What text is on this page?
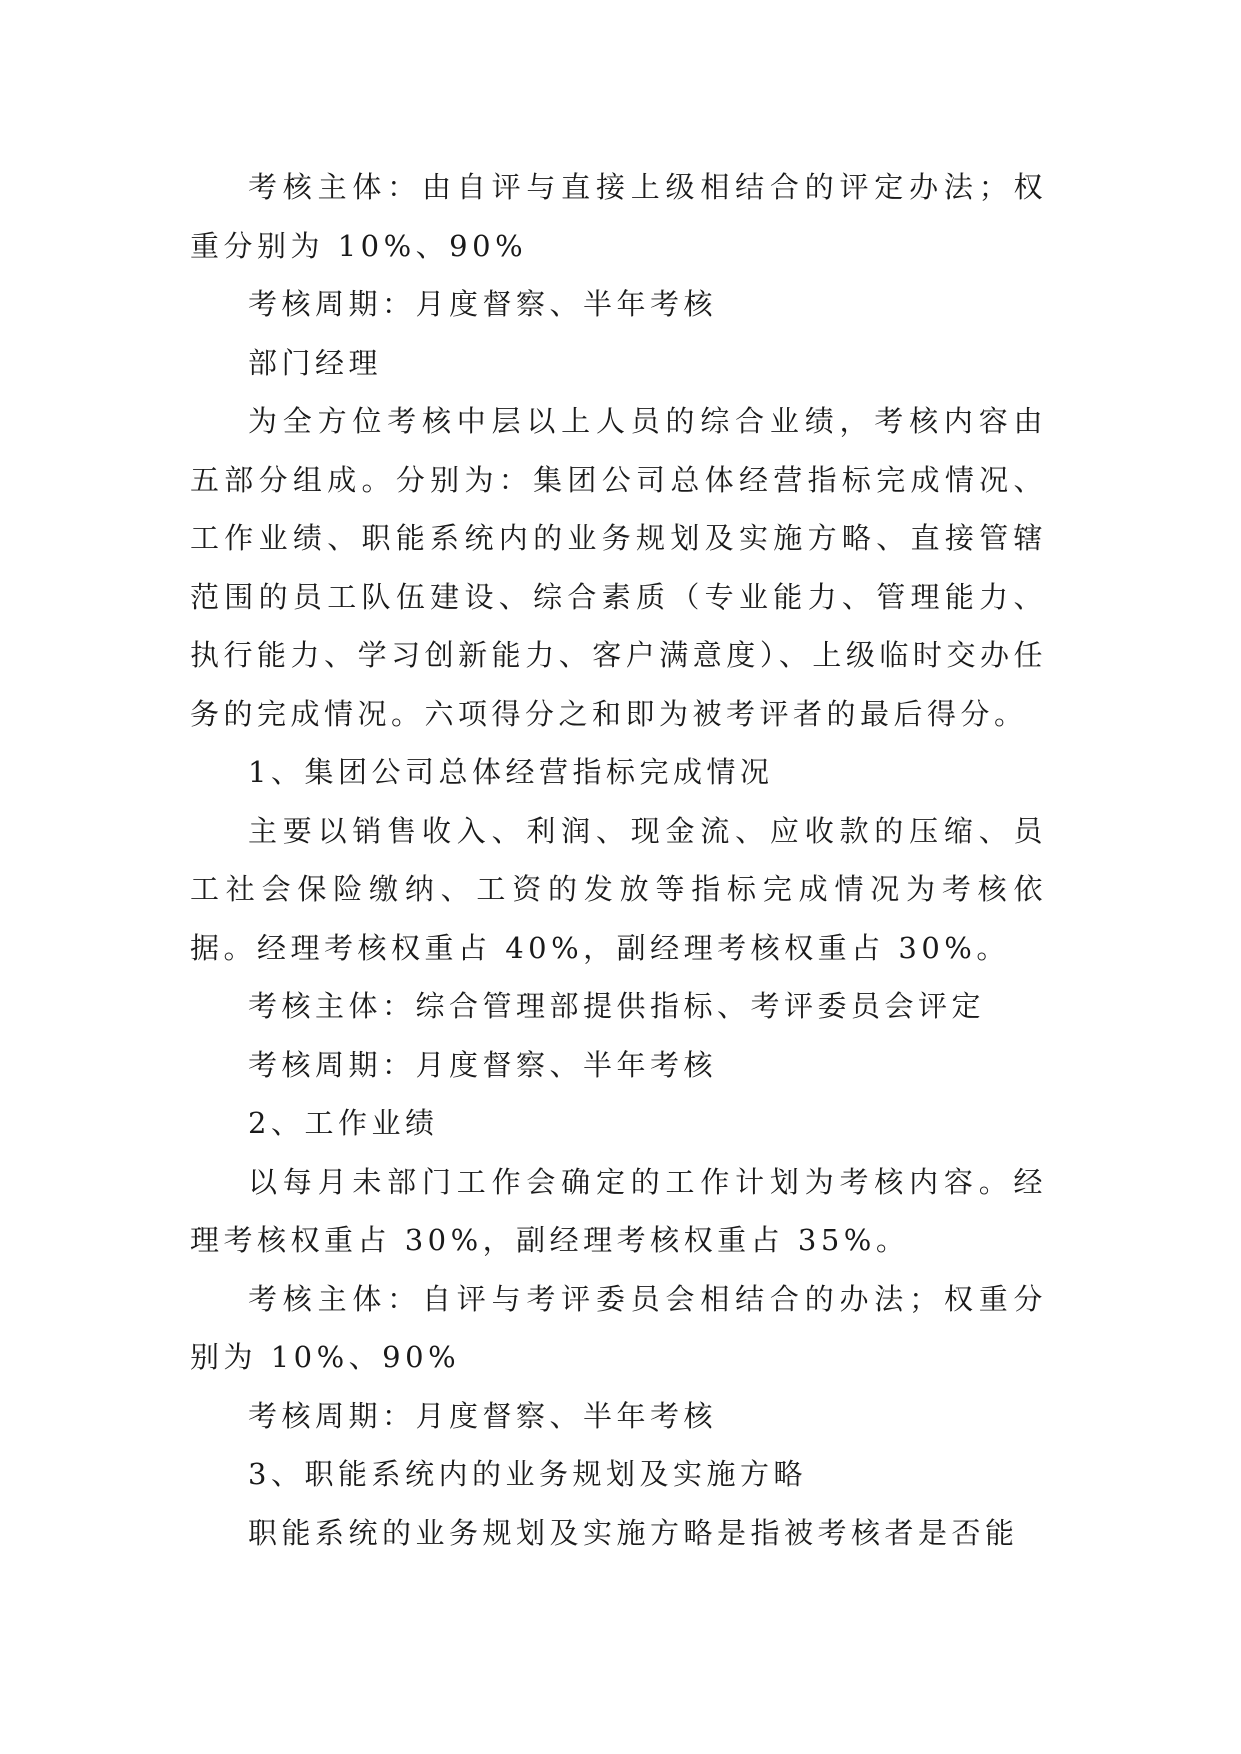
考核主体：由自评与直接上级相结合的评定办法；权重分别为 10%、90%

考核周期：月度督察、半年考核

部门经理

为全方位考核中层以上人员的综合业绩，考核内容由五部分组成。分别为：集团公司总体经营指标完成情况、工作业绩、职能系统内的业务规划及实施方略、直接管辖范围的员工队伍建设、综合素质（专业能力、管理能力、执行能力、学习创新能力、客户满意度）、上级临时交办任务的完成情况。六项得分之和即为被考评者的最后得分。

1、集团公司总体经营指标完成情况

主要以销售收入、利润、现金流、应收款的压缩、员工社会保险缴纳、工资的发放等指标完成情况为考核依据。经理考核权重占 40%，副经理考核权重占 30%。

考核主体：综合管理部提供指标、考评委员会评定

考核周期：月度督察、半年考核

2、工作业绩

以每月未部门工作会确定的工作计划为考核内容。经理考核权重占 30%，副经理考核权重占 35%。

考核主体：自评与考评委员会相结合的办法；权重分别为 10%、90%

考核周期：月度督察、半年考核

3、职能系统内的业务规划及实施方略

职能系统的业务规划及实施方略是指被考核者是否能
